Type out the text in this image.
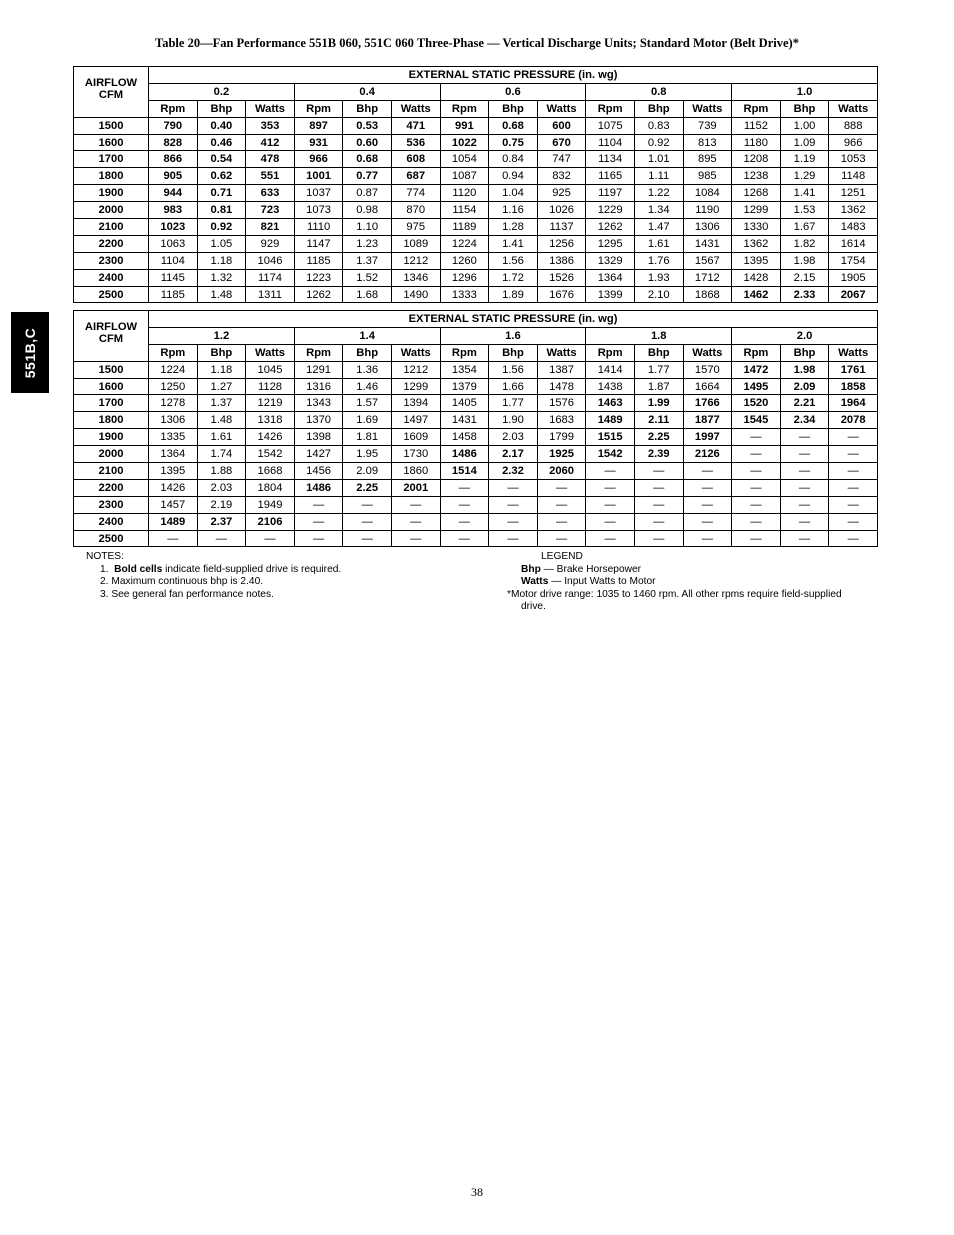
Table 20—Fan Performance 551B 060, 551C 060 Three-Phase — Vertical Discharge Units; Standard Motor (Belt Drive)*
551B,C
AIRFLOW
CFM	EXTERNAL STATIC PRESSURE (in. wg)														
	0.2			0.4			0.6			0.8			1.0		
	Rpm	Bhp	Watts	Rpm	Bhp	Watts	Rpm	Bhp	Watts	Rpm	Bhp	Watts	Rpm	Bhp	Watts
1500	790	0.40	353	897	0.53	471	991	0.68	600	1075	0.83	739	1152	1.00	888
1600	828	0.46	412	931	0.60	536	1022	0.75	670	1104	0.92	813	1180	1.09	966
1700	866	0.54	478	966	0.68	608	1054	0.84	747	1134	1.01	895	1208	1.19	1053
1800	905	0.62	551	1001	0.77	687	1087	0.94	832	1165	1.11	985	1238	1.29	1148
1900	944	0.71	633	1037	0.87	774	1120	1.04	925	1197	1.22	1084	1268	1.41	1251
2000	983	0.81	723	1073	0.98	870	1154	1.16	1026	1229	1.34	1190	1299	1.53	1362
2100	1023	0.92	821	1110	1.10	975	1189	1.28	1137	1262	1.47	1306	1330	1.67	1483
2200	1063	1.05	929	1147	1.23	1089	1224	1.41	1256	1295	1.61	1431	1362	1.82	1614
2300	1104	1.18	1046	1185	1.37	1212	1260	1.56	1386	1329	1.76	1567	1395	1.98	1754
2400	1145	1.32	1174	1223	1.52	1346	1296	1.72	1526	1364	1.93	1712	1428	2.15	1905
2500	1185	1.48	1311	1262	1.68	1490	1333	1.89	1676	1399	2.10	1868	1462	2.33	2067
AIRFLOW
CFM	EXTERNAL STATIC PRESSURE (in. wg)														
	1.2			1.4			1.6			1.8			2.0		
	Rpm	Bhp	Watts	Rpm	Bhp	Watts	Rpm	Bhp	Watts	Rpm	Bhp	Watts	Rpm	Bhp	Watts
1500	1224	1.18	1045	1291	1.36	1212	1354	1.56	1387	1414	1.77	1570	1472	1.98	1761
1600	1250	1.27	1128	1316	1.46	1299	1379	1.66	1478	1438	1.87	1664	1495	2.09	1858
1700	1278	1.37	1219	1343	1.57	1394	1405	1.77	1576	1463	1.99	1766	1520	2.21	1964
1800	1306	1.48	1318	1370	1.69	1497	1431	1.90	1683	1489	2.11	1877	1545	2.34	2078
1900	1335	1.61	1426	1398	1.81	1609	1458	2.03	1799	1515	2.25	1997	—	—	—
2000	1364	1.74	1542	1427	1.95	1730	1486	2.17	1925	1542	2.39	2126	—	—	—
2100	1395	1.88	1668	1456	2.09	1860	1514	2.32	2060	—	—	—	—	—	—
2200	1426	2.03	1804	1486	2.25	2001	—	—	—	—	—	—	—	—	—
2300	1457	2.19	1949	—	—	—	—	—	—	—	—	—	—	—	—
2400	1489	2.37	2106	—	—	—	—	—	—	—	—	—	—	—	—
2500	—	—	—	—	—	—	—	—	—	—	—	—	—	—	—
NOTES:
1. Bold cells indicate field-supplied drive is required.
2. Maximum continuous bhp is 2.40.
3. See general fan performance notes.
LEGEND
Bhp — Brake Horsepower
Watts — Input Watts to Motor
*Motor drive range: 1035 to 1460 rpm. All other rpms require field-supplied
drive.
38
